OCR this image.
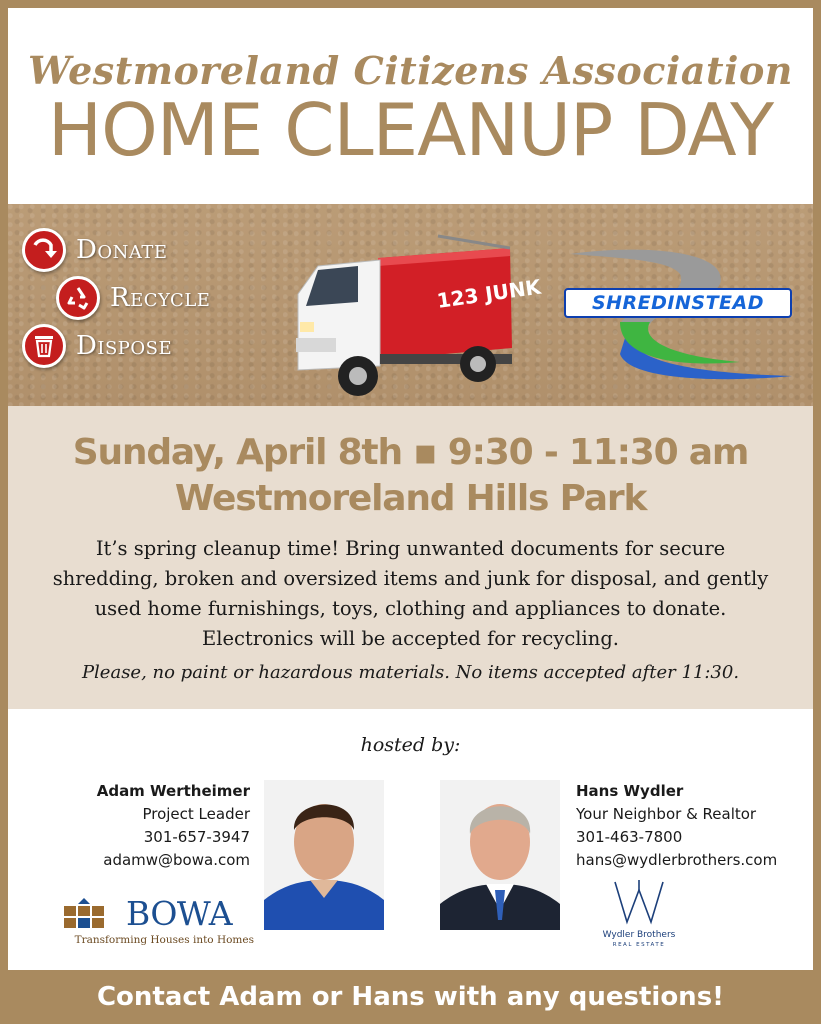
Westmoreland Citizens Association
HOME CLEANUP DAY
Donate
Recycle
Dispose
123 JUNK	SHREDINSTEAD
Sunday, April 8th ▪ 9:30 - 11:30 am
Westmoreland Hills Park
It’s spring cleanup time! Bring unwanted documents for secure shredding, broken and oversized items and junk for disposal, and gently used home furnishings, toys, clothing and appliances to donate. Electronics will be accepted for recycling.
Please, no paint or hazardous materials. No items accepted after 11:30.
hosted by:
Adam Wertheimer
Project Leader
301-657-3947
adamw@bowa.com
Hans Wydler
Your Neighbor & Realtor
301-463-7800
hans@wydlerbrothers.com
BOWA
Transforming Houses into Homes	Wydler Brothers
REAL ESTATE
Contact Adam or Hans with any questions!
